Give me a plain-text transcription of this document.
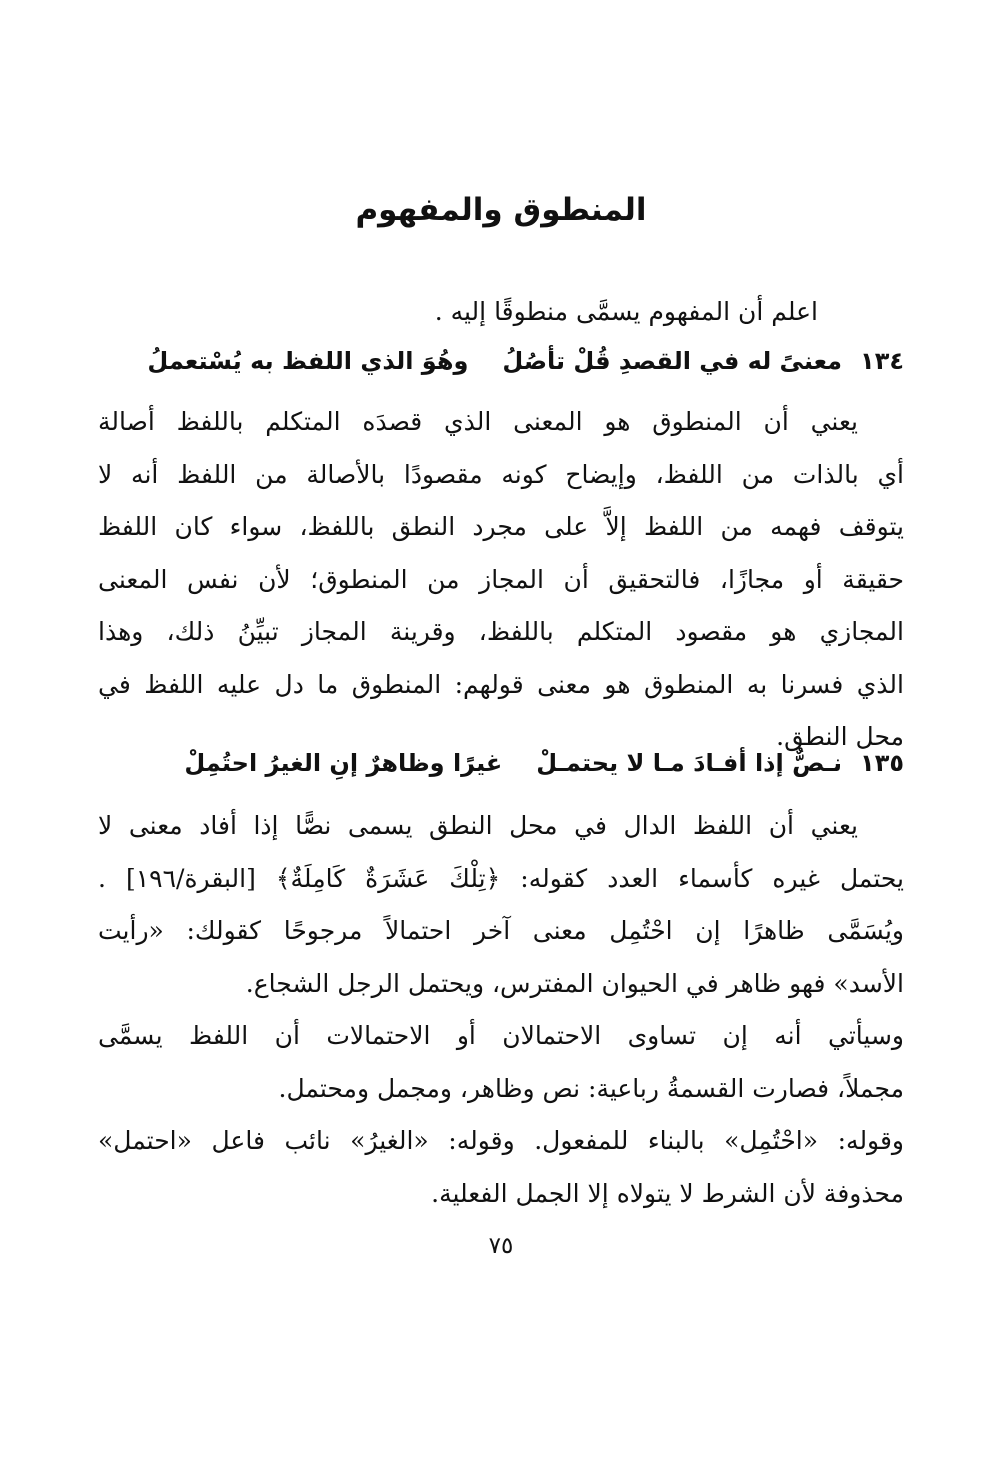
المنطوق والمفهوم
اعلم أن المفهوم يسمَّى منطوقًا إليه .
١٣٤معنىً له في القصدِ قُلْ تأصُلُوهُوَ الذي اللفظ به يُسْتعملُ
يعني أن المنطوق هو المعنى الذي قصدَه المتكلم باللفظ أصالة
أي بالذات من اللفظ، وإيضاح كونه مقصودًا بالأصالة من اللفظ أنه لا
يتوقف فهمه من اللفظ إلاَّ على مجرد النطق باللفظ، سواء كان اللفظ
حقيقة أو مجازًا، فالتحقيق أن المجاز من المنطوق؛ لأن نفس المعنى
المجازي هو مقصود المتكلم باللفظ، وقرينة المجاز تبيِّنُ ذلك، وهذا
الذي فسرنا به المنطوق هو معنى قولهم: المنطوق ما دل عليه اللفظ في
محل النطق.
١٣٥نـصٌّ إذا أفـادَ مـا لا يحتمـلْغيرًا وظاهرٌ إنِ الغيرُ احتُمِلْ
يعني أن اللفظ الدال في محل النطق يسمى نصًّا إذا أفاد معنى لا
يحتمل غيره كأسماء العدد كقوله: ﴿تِلْكَ عَشَرَةٌ كَامِلَةٌ﴾ [البقرة/١٩٦] .
ويُسَمَّى ظاهرًا إن احْتُمِل معنى آخر احتمالاً مرجوحًا كقولك: «رأيت
الأسد» فهو ظاهر في الحيوان المفترس، ويحتمل الرجل الشجاع.
وسيأتي أنه إن تساوى الاحتمالان أو الاحتمالات أن اللفظ يسمَّى
مجملاً، فصارت القسمةُ رباعية: نص وظاهر، ومجمل ومحتمل.
وقوله: «احْتُمِل» بالبناء للمفعول. وقوله: «الغيرُ» نائب فاعل «احتمل»
محذوفة لأن الشرط لا يتولاه إلا الجمل الفعلية.
٧٥
